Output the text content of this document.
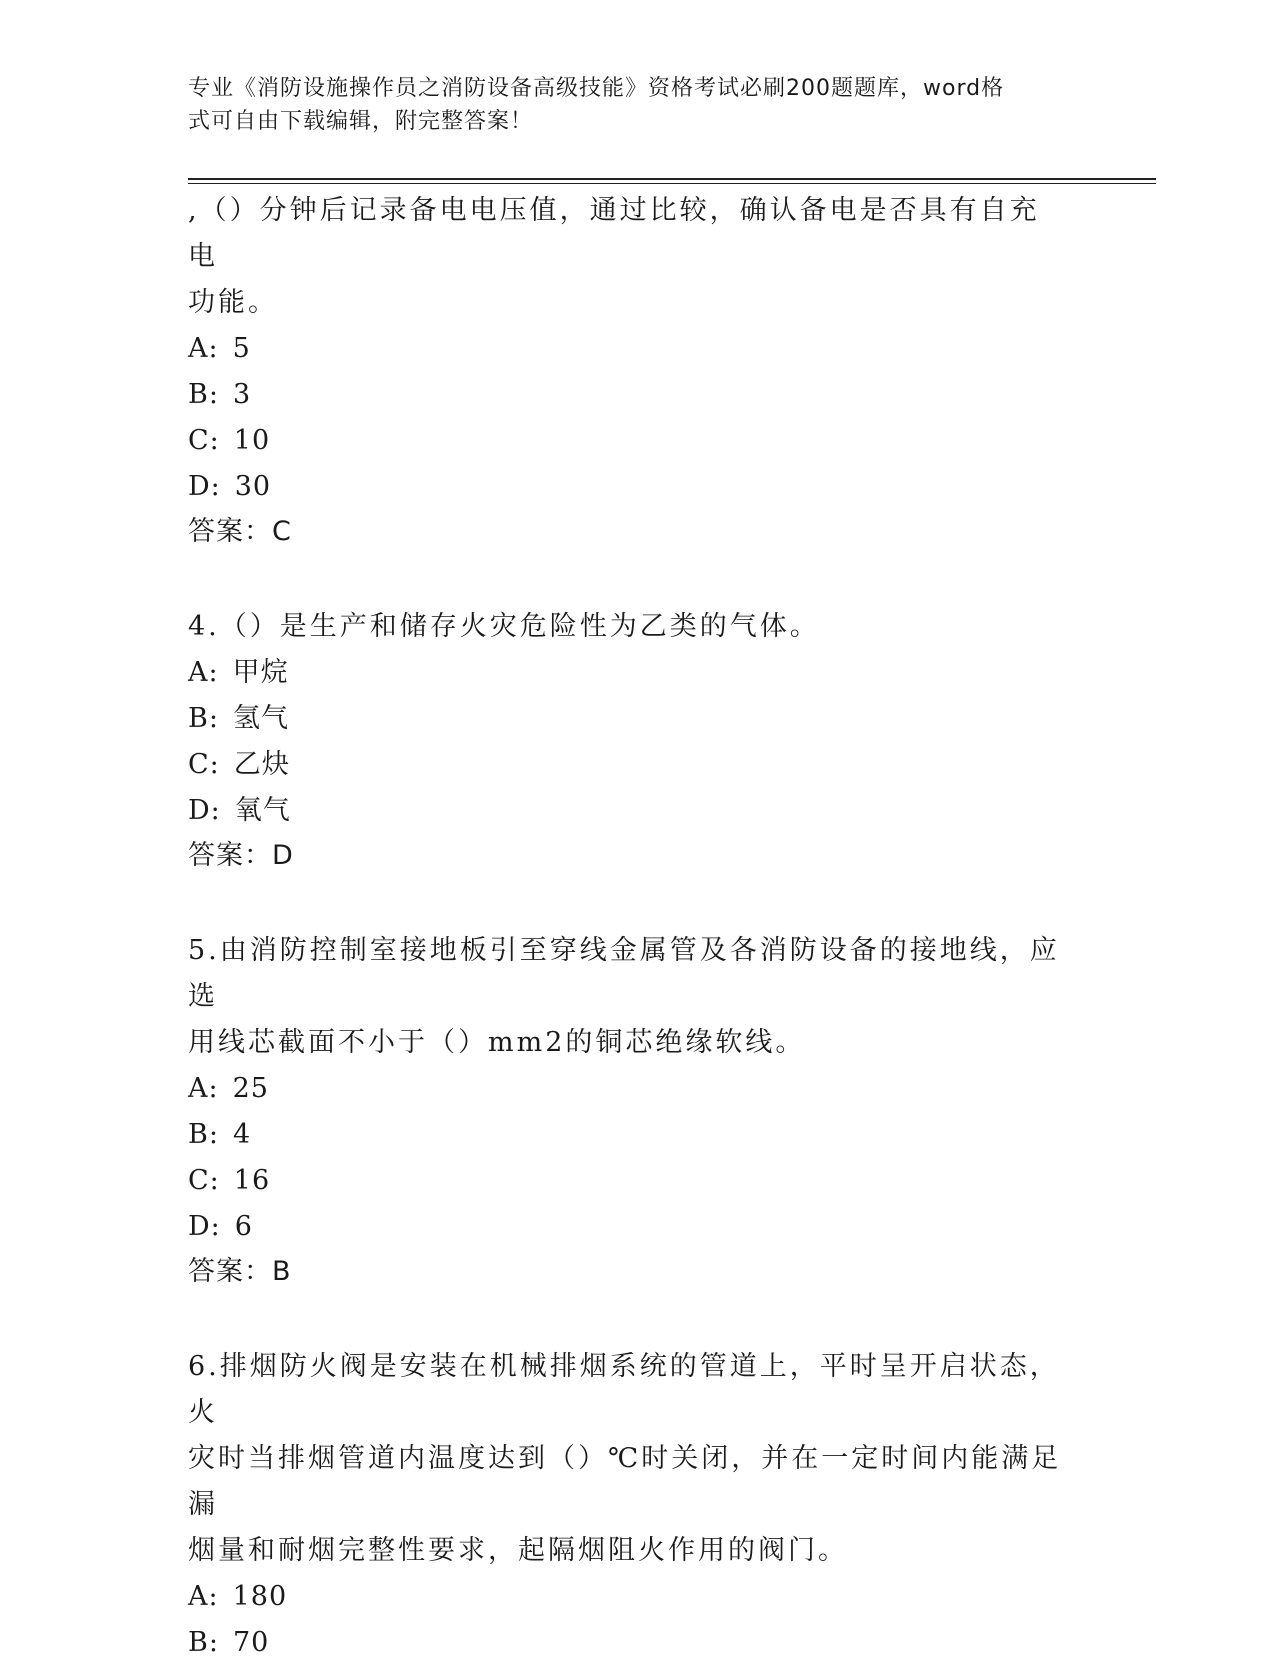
专业《消防设施操作员之消防设备高级技能》资格考试必刷200题题库，word格
式可自由下载编辑，附完整答案！

,（）分钟后记录备电电压值，通过比较，确认备电是否具有自充电

功能。

A: 5

B: 3

C: 10

D: 30

答案：C

4.（）是生产和储存火灾危险性为乙类的气体。

A: 甲烷

B: 氢气

C: 乙炔

D: 氧气

答案：D

5.由消防控制室接地板引至穿线金属管及各消防设备的接地线，应选

用线芯截面不小于（）mm2的铜芯绝缘软线。

A: 25

B: 4

C: 16

D: 6

答案：B

6.排烟防火阀是安装在机械排烟系统的管道上，平时呈开启状态，火

灾时当排烟管道内温度达到（）℃时关闭，并在一定时间内能满足漏

烟量和耐烟完整性要求，起隔烟阻火作用的阀门。

A: 180

B: 70
